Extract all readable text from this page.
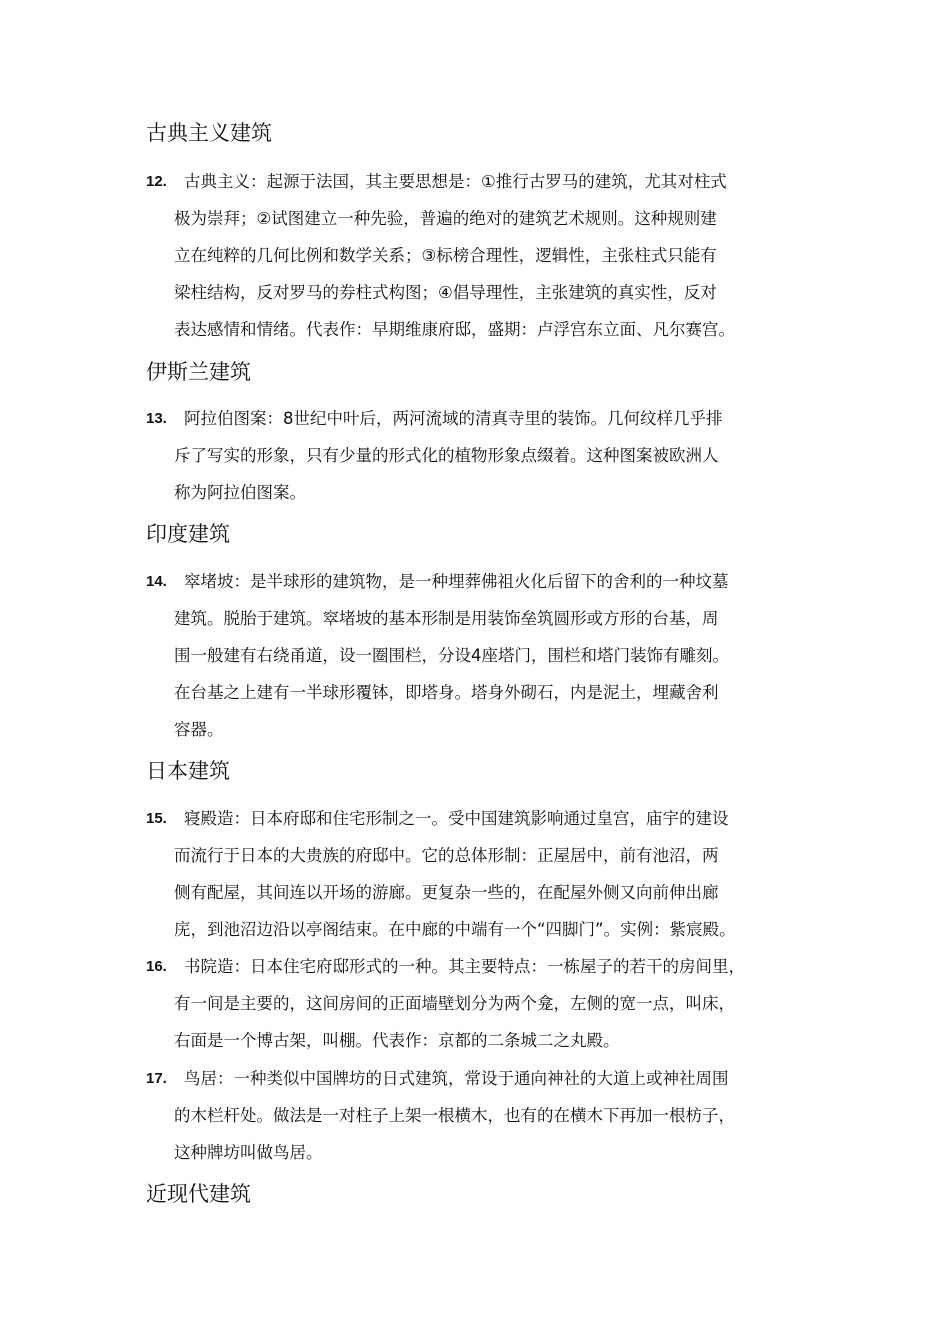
古典主义建筑
12.	古典主义：起源于法国，其主要思想是：①推行古罗马的建筑，尤其对柱式
极为崇拜；②试图建立一种先验，普遍的绝对的建筑艺术规则。这种规则建
立在纯粹的几何比例和数学关系；③标榜合理性，逻辑性，主张柱式只能有
梁柱结构，反对罗马的券柱式构图；④倡导理性，主张建筑的真实性，反对
表达感情和情绪。代表作：早期维康府邸，盛期：卢浮宫东立面、凡尔赛宫。
伊斯兰建筑
13.	阿拉伯图案：8世纪中叶后，两河流域的清真寺里的装饰。几何纹样几乎排
斥了写实的形象，只有少量的形式化的植物形象点缀着。这种图案被欧洲人
称为阿拉伯图案。
印度建筑
14.	窣堵坡：是半球形的建筑物，是一种埋葬佛祖火化后留下的舍利的一种坟墓
建筑。脱胎于建筑。窣堵坡的基本形制是用装饰垒筑圆形或方形的台基，周
围一般建有右绕甬道，设一圈围栏，分设4座塔门，围栏和塔门装饰有雕刻。
在台基之上建有一半球形覆钵，即塔身。塔身外砌石，内是泥土，埋藏舍利
容器。
日本建筑
15.	寝殿造：日本府邸和住宅形制之一。受中国建筑影响通过皇宫，庙宇的建设
而流行于日本的大贵族的府邸中。它的总体形制：正屋居中，前有池沼，两
侧有配屋，其间连以开场的游廊。更复杂一些的，在配屋外侧又向前伸出廊
庑，到池沼边沿以亭阁结束。在中廊的中端有一个“四脚门”。实例：紫宸殿。
16.	书院造：日本住宅府邸形式的一种。其主要特点：一栋屋子的若干的房间里，
有一间是主要的，这间房间的正面墙壁划分为两个龛，左侧的宽一点，叫床，
右面是一个博古架，叫棚。代表作：京都的二条城二之丸殿。
17.	鸟居：一种类似中国牌坊的日式建筑，常设于通向神社的大道上或神社周围
的木栏杆处。做法是一对柱子上架一根横木，也有的在横木下再加一根枋子，
这种牌坊叫做鸟居。
近现代建筑
